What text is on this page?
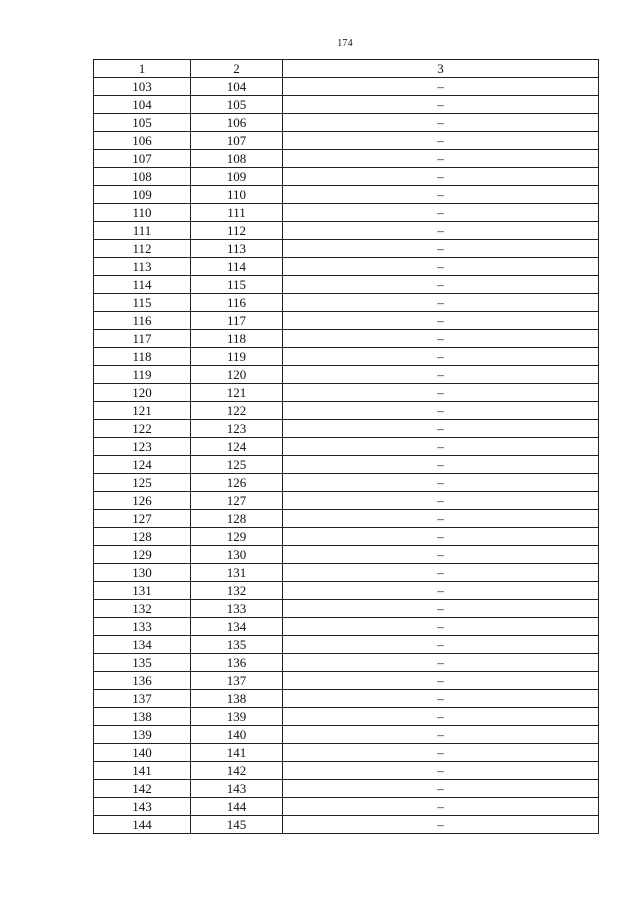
174
1	2	3
103	104	–
104	105	–
105	106	–
106	107	–
107	108	–
108	109	–
109	110	–
110	111	–
111	112	–
112	113	–
113	114	–
114	115	–
115	116	–
116	117	–
117	118	–
118	119	–
119	120	–
120	121	–
121	122	–
122	123	–
123	124	–
124	125	–
125	126	–
126	127	–
127	128	–
128	129	–
129	130	–
130	131	–
131	132	–
132	133	–
133	134	–
134	135	–
135	136	–
136	137	–
137	138	–
138	139	–
139	140	–
140	141	–
141	142	–
142	143	–
143	144	–
144	145	–
